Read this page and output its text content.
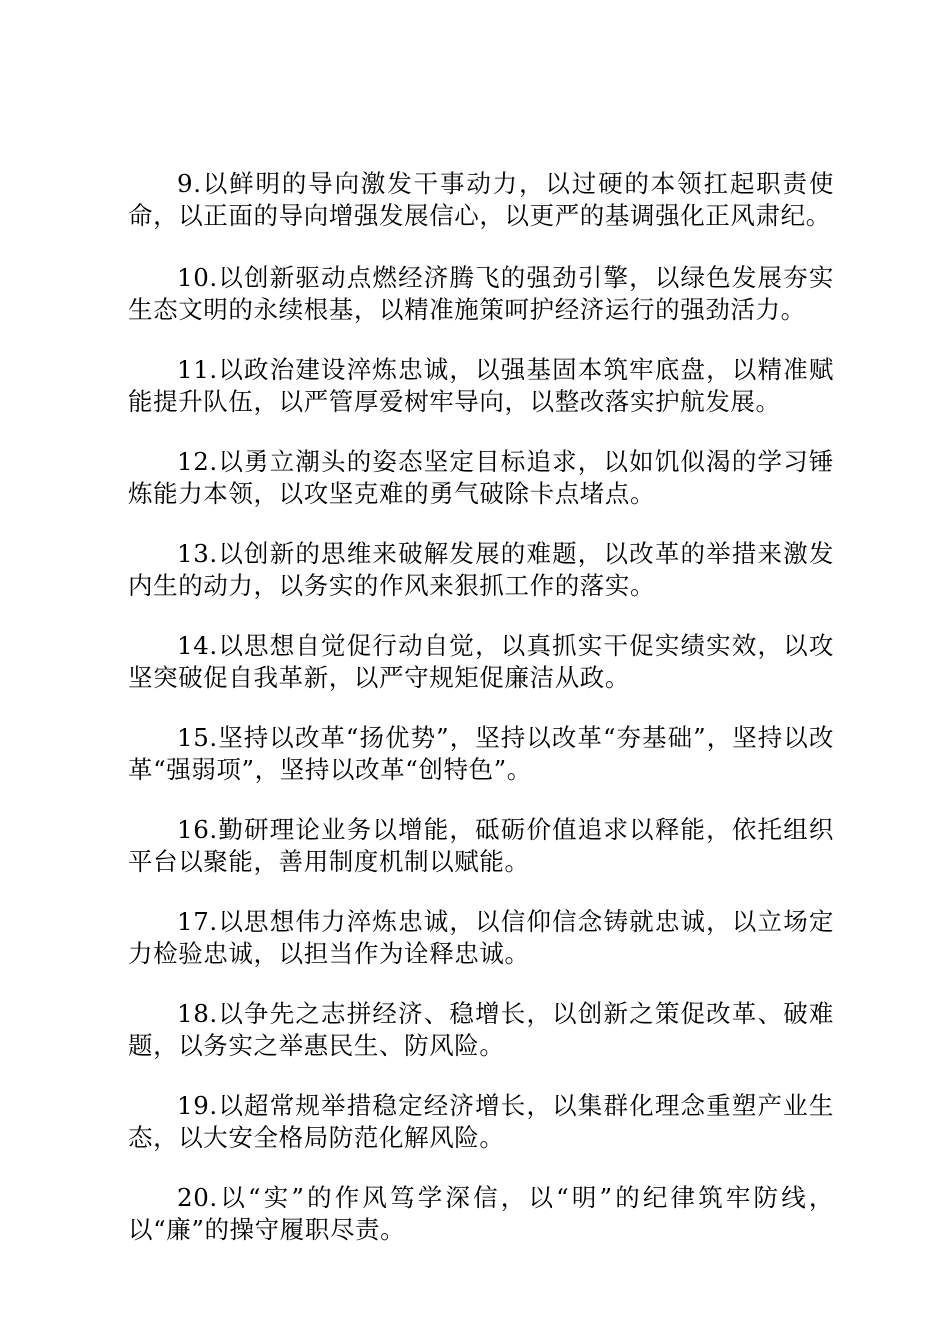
9.以鲜明的导向激发干事动力，以过硬的本领扛起职责使命，以正面的导向增强发展信心，以更严的基调强化正风肃纪。

10.以创新驱动点燃经济腾飞的强劲引擎，以绿色发展夯实生态文明的永续根基，以精准施策呵护经济运行的强劲活力。

11.以政治建设淬炼忠诚，以强基固本筑牢底盘，以精准赋能提升队伍，以严管厚爱树牢导向，以整改落实护航发展。

12.以勇立潮头的姿态坚定目标追求，以如饥似渴的学习锤炼能力本领，以攻坚克难的勇气破除卡点堵点。

13.以创新的思维来破解发展的难题，以改革的举措来激发内生的动力，以务实的作风来狠抓工作的落实。

14.以思想自觉促行动自觉，以真抓实干促实绩实效，以攻坚突破促自我革新，以严守规矩促廉洁从政。

15.坚持以改革“扬优势”，坚持以改革“夯基础”，坚持以改革“强弱项”，坚持以改革“创特色”。

16.勤研理论业务以增能，砥砺价值追求以释能，依托组织平台以聚能，善用制度机制以赋能。

17.以思想伟力淬炼忠诚，以信仰信念铸就忠诚，以立场定力检验忠诚，以担当作为诠释忠诚。

18.以争先之志拼经济、稳增长，以创新之策促改革、破难题，以务实之举惠民生、防风险。

19.以超常规举措稳定经济增长，以集群化理念重塑产业生态，以大安全格局防范化解风险。

20.以“实”的作风笃学深信，以“明”的纪律筑牢防线，以“廉”的操守履职尽责。
